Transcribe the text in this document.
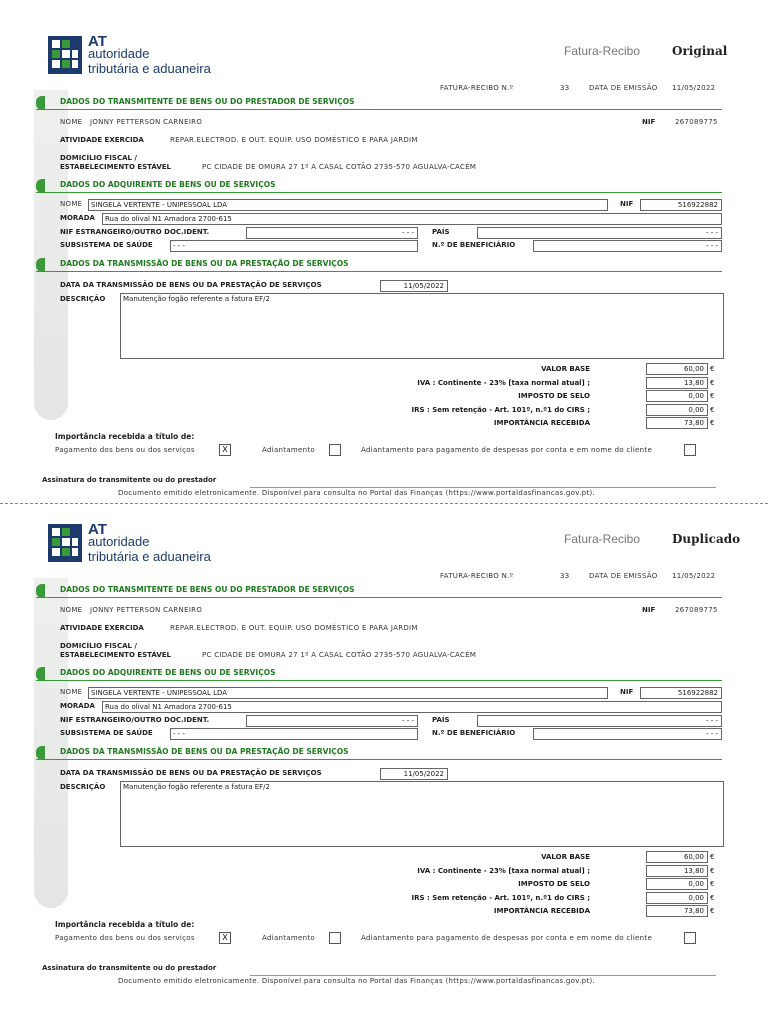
AT
autoridade
tributária e aduaneira
Fatura-Recibo	Original
FATURA-RECIBO N.º	33	DATA DE EMISSÃO 11/05/2022
DADOS DO TRANSMITENTE DE BENS OU DO PRESTADOR DE SERVIÇOS
NOME JONNY PETTERSON CARNEIRO	NIF	267089775
ATIVIDADE EXERCIDA	REPAR.ELECTROD. E OUT. EQUIP. USO DOMÉSTICO E PARA JARDIM
DOMICÍLIO FISCAL /
ESTABELECIMENTO ESTÁVEL	PC CIDADE DE OMURA 27 1º A CASAL COTÃO 2735-570 AGUALVA-CACÉM
DADOS DO ADQUIRENTE DE BENS OU DE SERVIÇOS
NOME SINGELA VERTENTE - UNIPESSOAL LDA	NIF	516922882
MORADA Rua do olival N1 Amadora 2700-615
NIF ESTRANGEIRO/OUTRO DOC.IDENT.	- - -	PAÍS	- - -
SUBSISTEMA DE SAÚDE	- - -	N.º DE BENEFICIÁRIO	- - -
DADOS DA TRANSMISSÃO DE BENS OU DA PRESTAÇÃO DE SERVIÇOS
DATA DA TRANSMISSÃO DE BENS OU DA PRESTAÇÃO DE SERVIÇOS	11/05/2022
DESCRIÇÃO	Manutenção fogão referente a fatura EF/2
VALOR BASE	60,00 €
IVA : Continente - 23% [taxa normal atual] ;	13,80 €
IMPOSTO DE SELO	0,00 €
IRS : Sem retenção - Art. 101º, n.º1 do CIRS ;	0,00 €
IMPORTÂNCIA RECEBIDA	73,80 €
Importância recebida a título de:
Pagamento dos bens ou dos serviços	X	Adiantamento	Adiantamento para pagamento de despesas por conta e em nome do cliente
Assinatura do transmitente ou do prestador
AT
autoridade
tributária e aduaneira
Fatura-Recibo	Duplicado
FATURA-RECIBO N.º	33	DATA DE EMISSÃO 11/05/2022
DADOS DO TRANSMITENTE DE BENS OU DO PRESTADOR DE SERVIÇOS
NOME JONNY PETTERSON CARNEIRO	NIF	267089775
ATIVIDADE EXERCIDA	REPAR.ELECTROD. E OUT. EQUIP. USO DOMÉSTICO E PARA JARDIM
DOMICÍLIO FISCAL /
ESTABELECIMENTO ESTÁVEL	PC CIDADE DE OMURA 27 1º A CASAL COTÃO 2735-570 AGUALVA-CACÉM
DADOS DO ADQUIRENTE DE BENS OU DE SERVIÇOS
NOME SINGELA VERTENTE - UNIPESSOAL LDA	NIF	516922882
MORADA Rua do olival N1 Amadora 2700-615
NIF ESTRANGEIRO/OUTRO DOC.IDENT.	- - -	PAÍS	- - -
SUBSISTEMA DE SAÚDE	- - -	N.º DE BENEFICIÁRIO	- - -
DADOS DA TRANSMISSÃO DE BENS OU DA PRESTAÇÃO DE SERVIÇOS
DATA DA TRANSMISSÃO DE BENS OU DA PRESTAÇÃO DE SERVIÇOS	11/05/2022
DESCRIÇÃO	Manutenção fogão referente a fatura EF/2
VALOR BASE	60,00 €
IVA : Continente - 23% [taxa normal atual] ;	13,80 €
IMPOSTO DE SELO	0,00 €
IRS : Sem retenção - Art. 101º, n.º1 do CIRS ;	0,00 €
IMPORTÂNCIA RECEBIDA	73,80 €
Importância recebida a título de:
Pagamento dos bens ou dos serviços	X	Adiantamento	Adiantamento para pagamento de despesas por conta e em nome do cliente
Assinatura do transmitente ou do prestador
Documento emitido eletronicamente. Disponível para consulta no Portal das Finanças (https://www.portaldasfinancas.gov.pt).
Documento emitido eletronicamente. Disponível para consulta no Portal das Finanças (https://www.portaldasfinancas.gov.pt).
